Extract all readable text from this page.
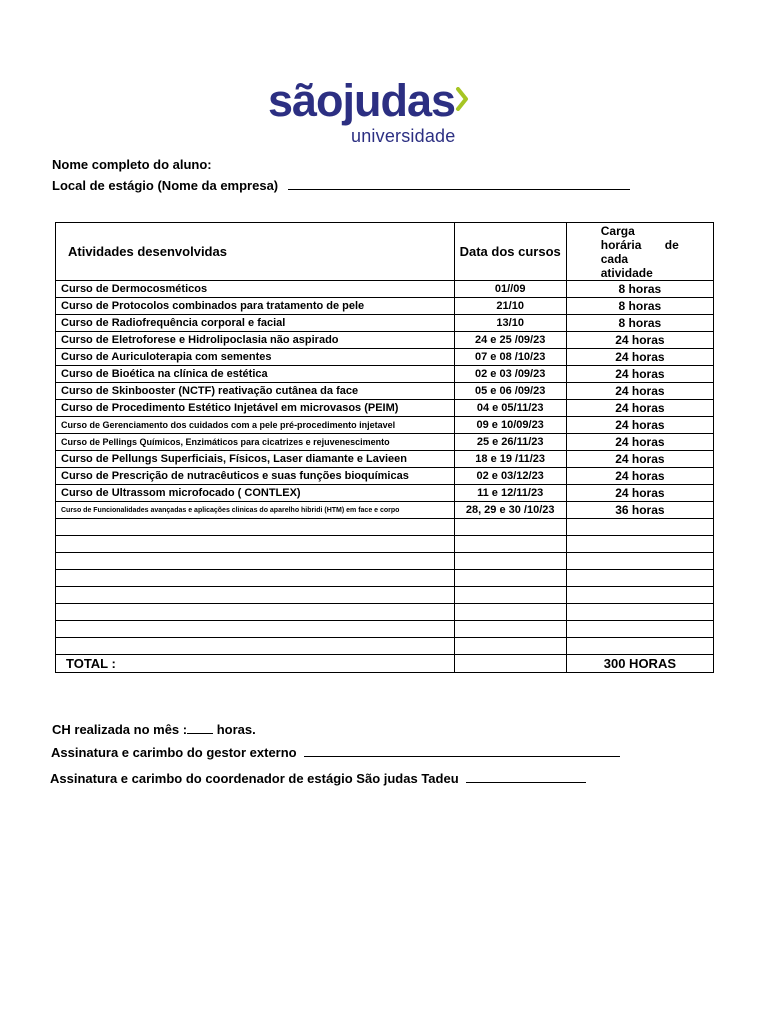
sãojudas
universidade
Nome completo do aluno:
Local de estágio (Nome da empresa)
Atividades desenvolvidas	Data dos cursos	Carga
horária de
cada
atividade

Curso de Dermocosméticos	01//09	8 horas
Curso de Protocolos combinados para tratamento de pele	21/10	8 horas
Curso de Radiofrequência corporal e facial	13/10	8 horas
Curso de Eletroforese e Hidrolipoclasia não aspirado	24 e 25 /09/23	24 horas
Curso de Auriculoterapia com sementes	07 e 08 /10/23	24 horas
Curso de Bioética na clínica de estética	02 e 03 /09/23	24 horas
Curso de Skinbooster (NCTF) reativação cutânea da face	05 e 06 /09/23	24 horas
Curso de Procedimento Estético Injetável em microvasos (PEIM)	04 e 05/11/23	24 horas
Curso de Gerenciamento dos cuidados com a pele pré-procedimento injetavel	09 e 10/09/23	24 horas
Curso de Pellings Químicos, Enzimáticos para cicatrizes e rejuvenescimento	25 e 26/11/23	24 horas
Curso de Pellungs Superficiais, Físicos, Laser diamante e Lavieen	18 e 19 /11/23	24 horas
Curso de Prescrição de nutracêuticos e suas funções bioquímicas	02 e 03/12/23	24 horas
Curso de Ultrassom microfocado ( CONTLEX)	11 e 12/11/23	24 horas
Curso de Funcionalidades avançadas e aplicações clinicas do aparelho hibridi (HTM) em face e corpo	28, 29 e 30 /10/23	36 horas

TOTAL :		300 HORAS
CH realizada no mês : horas.
Assinatura e carimbo do gestor externo
Assinatura e carimbo do coordenador de estágio São judas Tadeu
